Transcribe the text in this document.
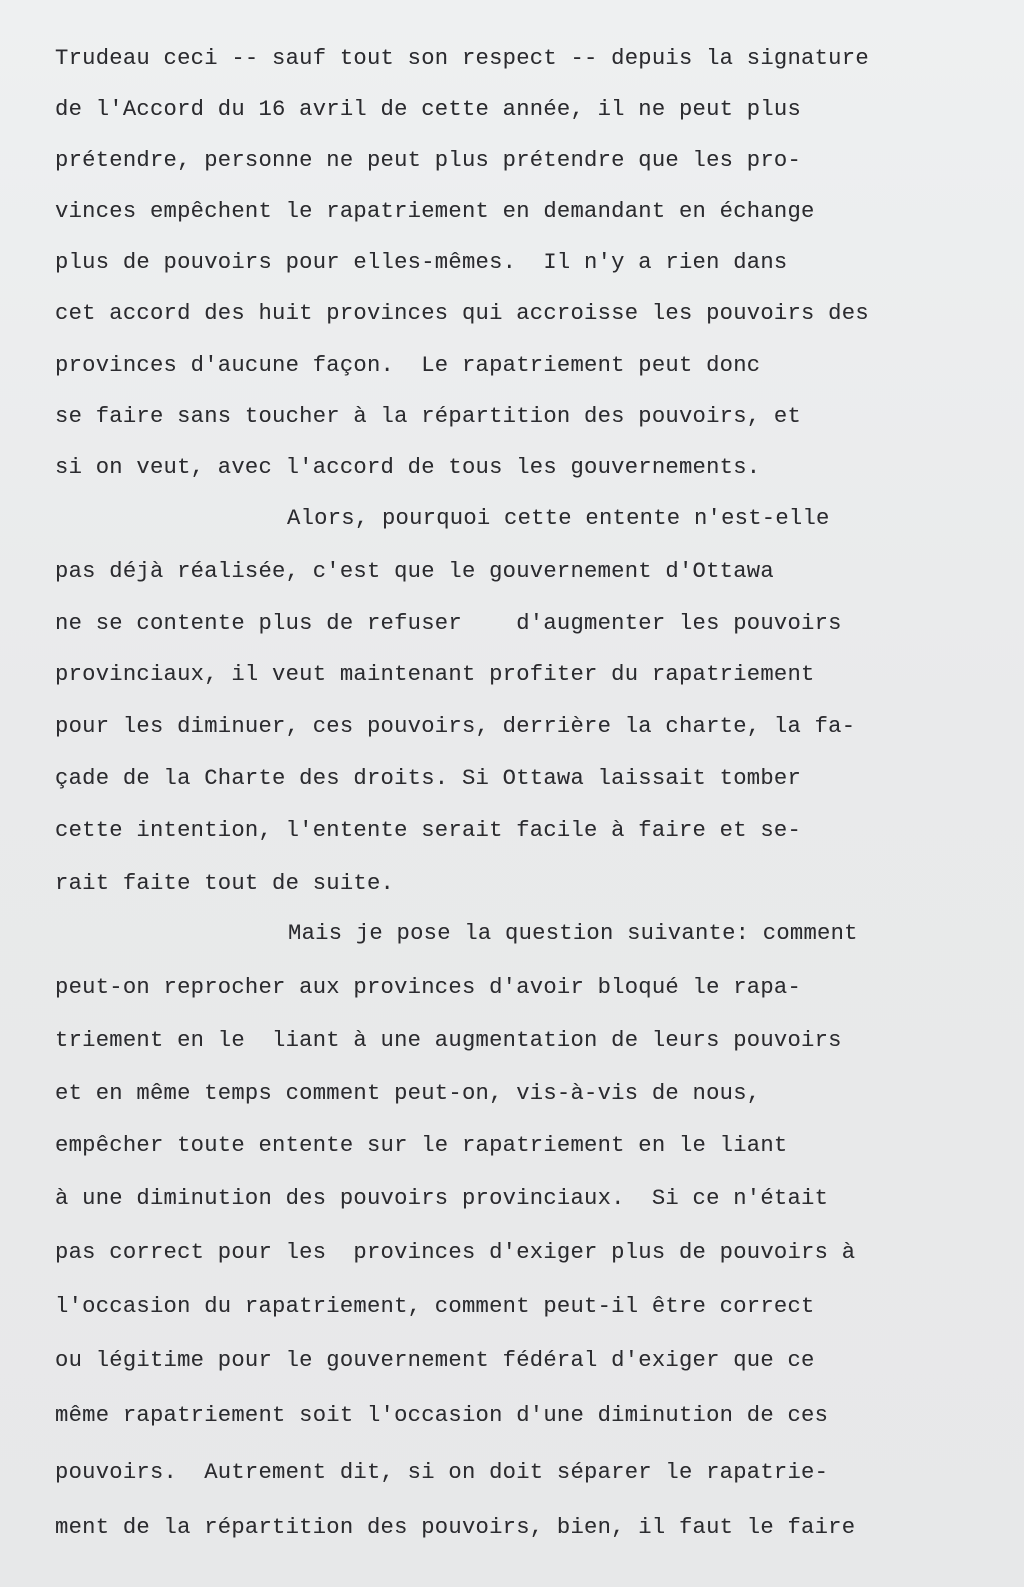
Trudeau ceci -- sauf tout son respect -- depuis la signature
de l'Accord du 16 avril de cette année, il ne peut plus
prétendre, personne ne peut plus prétendre que les pro-
vinces empêchent le rapatriement en demandant en échange
plus de pouvoirs pour elles-mêmes.  Il n'y a rien dans
cet accord des huit provinces qui accroisse les pouvoirs des
provinces d'aucune façon.  Le rapatriement peut donc
se faire sans toucher à la répartition des pouvoirs, et
si on veut, avec l'accord de tous les gouvernements.
Alors, pourquoi cette entente n'est-elle
pas déjà réalisée, c'est que le gouvernement d'Ottawa
ne se contente plus de refuser    d'augmenter les pouvoirs
provinciaux, il veut maintenant profiter du rapatriement
pour les diminuer, ces pouvoirs, derrière la charte, la fa-
çade de la Charte des droits. Si Ottawa laissait tomber
cette intention, l'entente serait facile à faire et se-
rait faite tout de suite.
Mais je pose la question suivante: comment
peut-on reprocher aux provinces d'avoir bloqué le rapa-
triement en le  liant à une augmentation de leurs pouvoirs
et en même temps comment peut-on, vis-à-vis de nous,
empêcher toute entente sur le rapatriement en le liant
à une diminution des pouvoirs provinciaux.  Si ce n'était
pas correct pour les  provinces d'exiger plus de pouvoirs à
l'occasion du rapatriement, comment peut-il être correct
ou légitime pour le gouvernement fédéral d'exiger que ce
même rapatriement soit l'occasion d'une diminution de ces
pouvoirs.  Autrement dit, si on doit séparer le rapatrie-
ment de la répartition des pouvoirs, bien, il faut le faire
